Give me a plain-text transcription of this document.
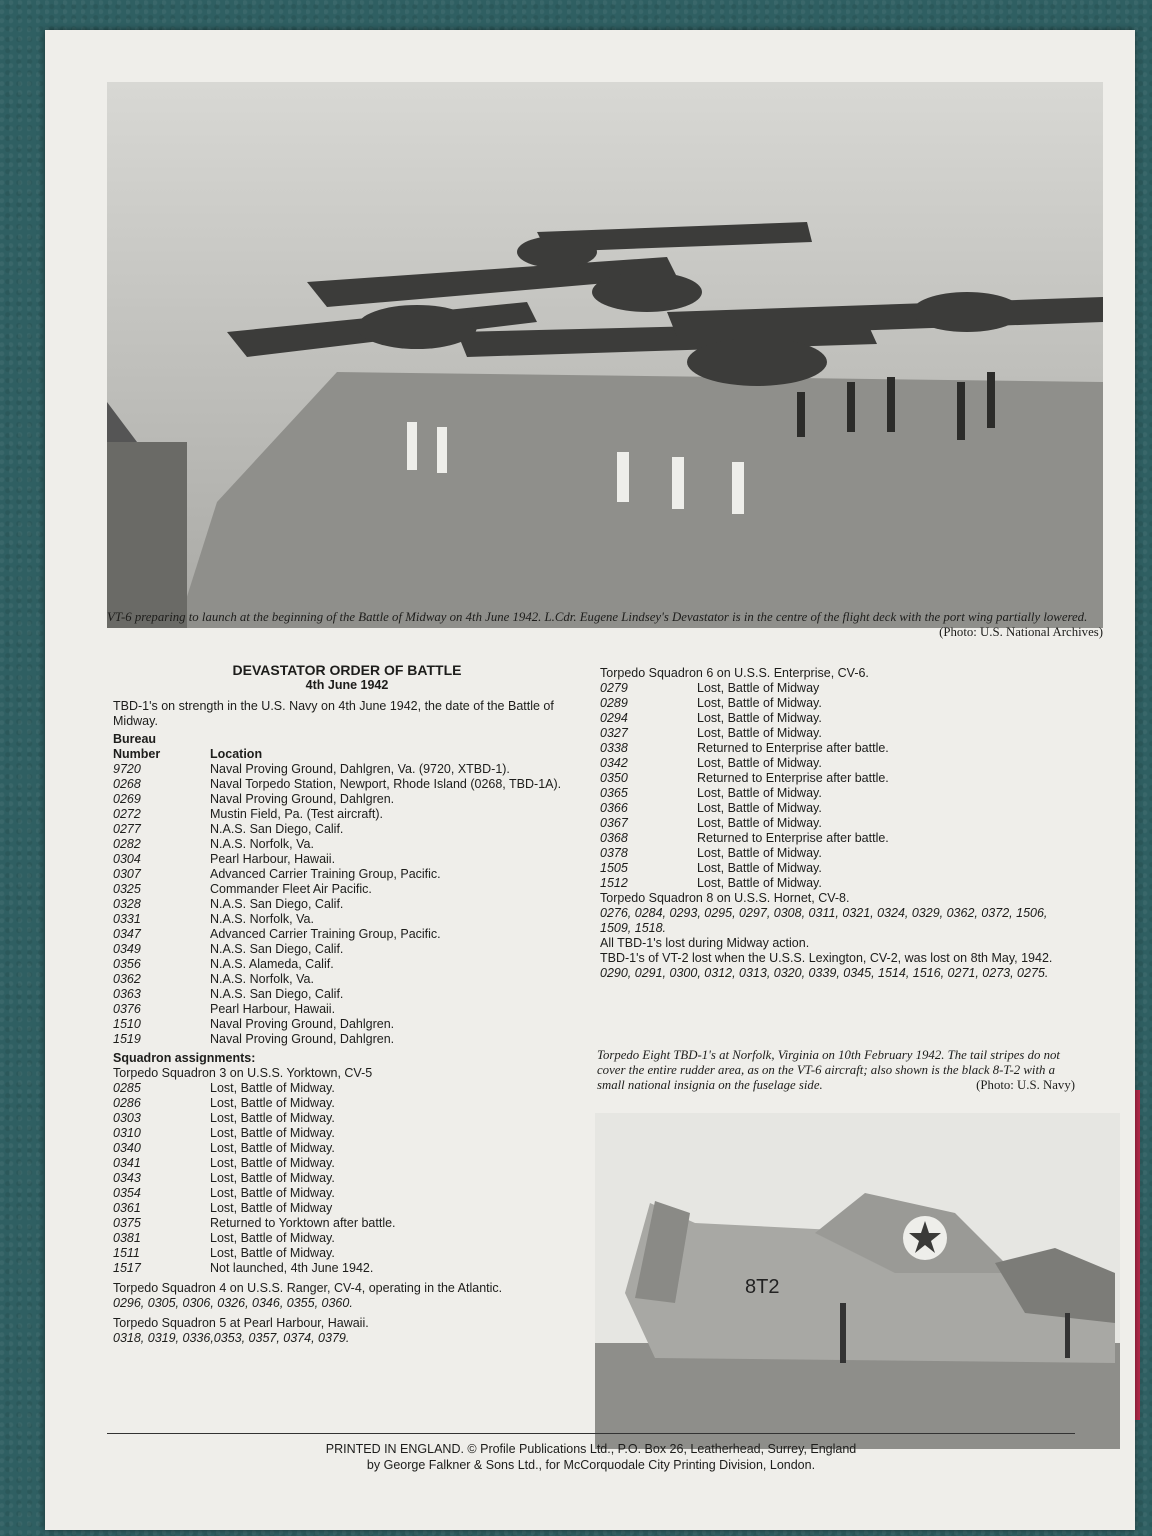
VT-6 preparing to launch at the beginning of the Battle of Midway on 4th June 1942. L.Cdr. Eugene Lindsey's Devastator is in the centre of the flight deck with the port wing partially lowered.
(Photo: U.S. National Archives)
DEVASTATOR ORDER OF BATTLE
4th June 1942

TBD-1's on strength in the U.S. Navy on 4th June 1942, the date of the Battle of Midway.

Bureau
Number	Location
9720	Naval Proving Ground, Dahlgren, Va. (9720, XTBD-1).
0268	Naval Torpedo Station, Newport, Rhode Island (0268, TBD-1A).
0269	Naval Proving Ground, Dahlgren.
0272	Mustin Field, Pa. (Test aircraft).
0277	N.A.S. San Diego, Calif.
0282	N.A.S. Norfolk, Va.
0304	Pearl Harbour, Hawaii.
0307	Advanced Carrier Training Group, Pacific.
0325	Commander Fleet Air Pacific.
0328	N.A.S. San Diego, Calif.
0331	N.A.S. Norfolk, Va.
0347	Advanced Carrier Training Group, Pacific.
0349	N.A.S. San Diego, Calif.
0356	N.A.S. Alameda, Calif.
0362	N.A.S. Norfolk, Va.
0363	N.A.S. San Diego, Calif.
0376	Pearl Harbour, Hawaii.
1510	Naval Proving Ground, Dahlgren.
1519	Naval Proving Ground, Dahlgren.
Squadron assignments:
Torpedo Squadron 3 on U.S.S. Yorktown, CV-5
0285	Lost, Battle of Midway.
0286	Lost, Battle of Midway.
0303	Lost, Battle of Midway.
0310	Lost, Battle of Midway.
0340	Lost, Battle of Midway.
0341	Lost, Battle of Midway.
0343	Lost, Battle of Midway.
0354	Lost, Battle of Midway.
0361	Lost, Battle of Midway
0375	Returned to Yorktown after battle.
0381	Lost, Battle of Midway.
1511	Lost, Battle of Midway.
1517	Not launched, 4th June 1942.
Torpedo Squadron 4 on U.S.S. Ranger, CV-4, operating in the Atlantic.
0296, 0305, 0306, 0326, 0346, 0355, 0360.
Torpedo Squadron 5 at Pearl Harbour, Hawaii.
0318, 0319, 0336,0353, 0357, 0374, 0379.
Torpedo Squadron 6 on U.S.S. Enterprise, CV-6.
0279	Lost, Battle of Midway
0289	Lost, Battle of Midway.
0294	Lost, Battle of Midway.
0327	Lost, Battle of Midway.
0338	Returned to Enterprise after battle.
0342	Lost, Battle of Midway.
0350	Returned to Enterprise after battle.
0365	Lost, Battle of Midway.
0366	Lost, Battle of Midway.
0367	Lost, Battle of Midway.
0368	Returned to Enterprise after battle.
0378	Lost, Battle of Midway.
1505	Lost, Battle of Midway.
1512	Lost, Battle of Midway.
Torpedo Squadron 8 on U.S.S. Hornet, CV-8.
0276, 0284, 0293, 0295, 0297, 0308, 0311, 0321, 0324, 0329, 0362, 0372, 1506, 1509, 1518.
All TBD-1's lost during Midway action.
TBD-1's of VT-2 lost when the U.S.S. Lexington, CV-2, was lost on 8th May, 1942.
0290, 0291, 0300, 0312, 0313, 0320, 0339, 0345, 1514, 1516, 0271, 0273, 0275.
Torpedo Eight TBD-1's at Norfolk, Virginia on 10th February 1942. The tail stripes do not cover the entire rudder area, as on the VT-6 aircraft; also shown is the black 8-T-2 with a small national insignia on the fuselage side.	(Photo: U.S. Navy)
8T2
PRINTED IN ENGLAND. © Profile Publications Ltd., P.O. Box 26, Leatherhead, Surrey, England
by George Falkner & Sons Ltd., for McCorquodale City Printing Division, London.
